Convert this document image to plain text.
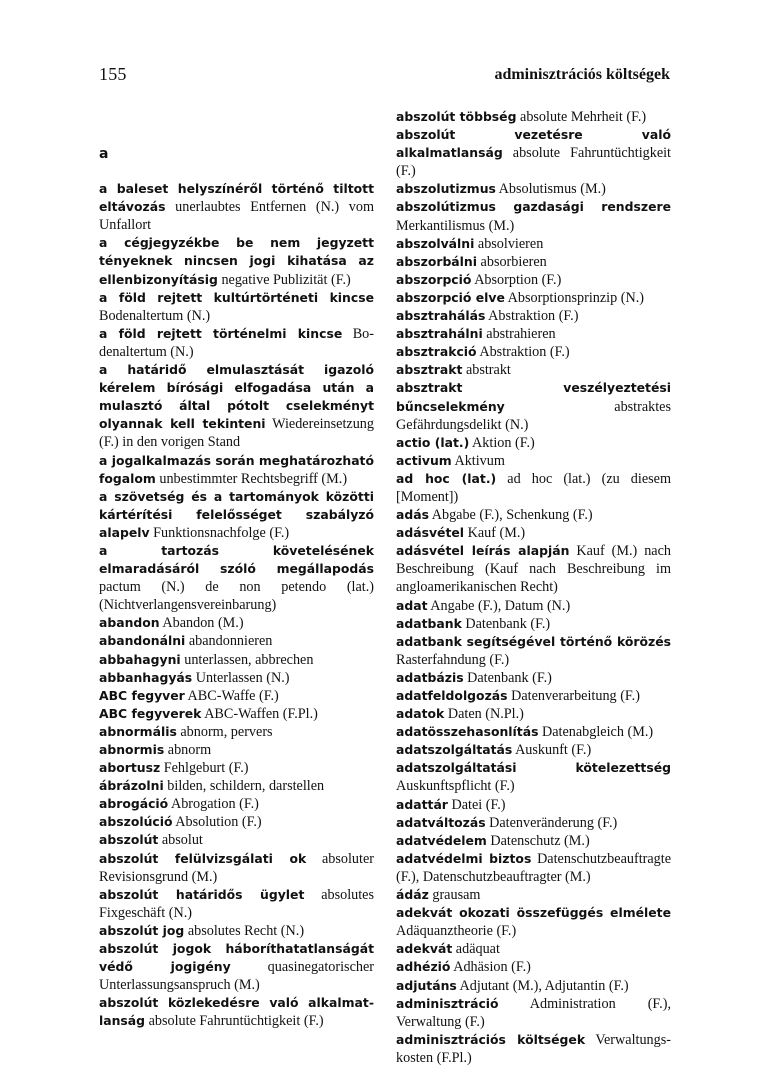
155	adminisztrációs költségek
a

a baleset helyszínéről történő tiltott eltávozás unerlaubtes Entfernen (N.) vom Unfallort

a cégjegyzékbe be nem jegyzett tényeknek nincsen jogi kihatása az ellenbizonyításig negative Publizität (F.)

a föld rejtett kultúrtörténeti kincse Bodenaltertum (N.)

a föld rejtett történelmi kincse Bodenaltertum (N.)

a határidő elmulasztását igazoló kérelem bírósági elfogadása után a mulasztó által pótolt cselekményt olyannak kell tekinteni Wiedereinsetzung (F.) in den vorigen Stand

a jogalkalmazás során meghatározható fogalom unbestimmter Rechtsbegriff (M.)

a szövetség és a tartományok közötti kártérítési felelősséget szabályzó alapelv Funktionsnachfolge (F.)

a tartozás követelésének elmaradásáról szóló megállapodás pactum (N.) de non petendo (lat.) (Nichtverlangensvereinbarung)

abandon Abandon (M.)

abandonálni abandonnieren

abbahagyni unterlassen, abbrechen

abbanhagyás Unterlassen (N.)

ABC fegyver ABC-Waffe (F.)

ABC fegyverek ABC-Waffen (F.Pl.)

abnormális abnorm, pervers

abnormis abnorm

abortusz Fehlgeburt (F.)

ábrázolni bilden, schildern, darstellen

abrogáció Abrogation (F.)

abszolúció Absolution (F.)

abszolút absolut

abszolút felülvizsgálati ok absoluter Revisionsgrund (M.)

abszolút határidős ügylet absolutes Fixgeschäft (N.)

abszolút jog absolutes Recht (N.)

abszolút jogok háboríthatatlanságát védő jogigény	quasinegatorischer Unterlassungsanspruch (M.)

abszolút közlekedésre való alkalmatlanság absolute Fahruntüchtigkeit (F.)

abszolút többség absolute Mehrheit (F.)

abszolút vezetésre való alkalmatlanság absolute Fahruntüchtigkeit (F.)

abszolutizmus Absolutismus (M.)

abszolútizmus gazdasági rendszere Merkantilismus (M.)

abszolválni absolvieren

abszorbálni absorbieren

abszorpció Absorption (F.)

abszorpció elve Absorptionsprinzip (N.)

absztrahálás Abstraktion (F.)

absztrahálni abstrahieren

absztrakció Abstraktion (F.)

absztrakt abstrakt

absztrakt veszélyeztetési bűncselekmény	abstraktes Gefährdungsdelikt (N.)

actio (lat.) Aktion (F.)

activum Aktivum

ad hoc (lat.) ad hoc (lat.) (zu diesem [Moment])

adás Abgabe (F.), Schenkung (F.)

adásvétel Kauf (M.)

adásvétel leírás alapján Kauf (M.) nach Beschreibung (Kauf nach Beschreibung im angloamerikanischen Recht)

adat Angabe (F.), Datum (N.)

adatbank Datenbank (F.)

adatbank segítségével történő körözés Rasterfahndung (F.)

adatbázis Datenbank (F.)

adatfeldolgozás Datenverarbeitung (F.)

adatok Daten (N.Pl.)

adatösszehasonlítás Datenabgleich (M.)

adatszolgáltatás Auskunft (F.)

adatszolgáltatási kötelezettség Auskunftspflicht (F.)

adattár Datei (F.)

adatváltozás Datenveränderung (F.)

adatvédelem Datenschutz (M.)

adatvédelmi biztos Datenschutzbeauftragte (F.), Datenschutzbeauftragter (M.)

ádáz grausam

adekvát okozati összefüggés elmélete Adäquanztheorie (F.)

adekvát adäquat

adhézió Adhäsion (F.)

adjutáns Adjutant (M.), Adjutantin (F.)

adminisztráció Administration (F.), Verwaltung (F.)

adminisztrációs költségek Verwaltungskosten (F.Pl.)
